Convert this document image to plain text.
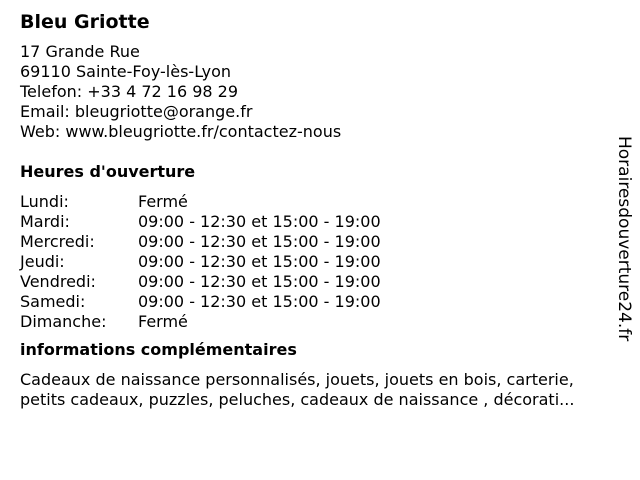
Bleu Griotte
17 Grande Rue
69110 Sainte-Foy-lès-Lyon
Telefon: +33 4 72 16 98 29
Email: bleugriotte@orange.fr
Web: www.bleugriotte.fr/contactez-nous
Heures d'ouverture
Lundi:	Fermé
Mardi:	09:00 - 12:30 et 15:00 - 19:00
Mercredi:	09:00 - 12:30 et 15:00 - 19:00
Jeudi:	09:00 - 12:30 et 15:00 - 19:00
Vendredi:	09:00 - 12:30 et 15:00 - 19:00
Samedi:	09:00 - 12:30 et 15:00 - 19:00
Dimanche: Fermé
informations complémentaires
Cadeaux de naissance personnalisés, jouets, jouets en bois, carterie,
petits cadeaux, puzzles, peluches, cadeaux de naissance , décorati...
Horairesdouverture24.fr
